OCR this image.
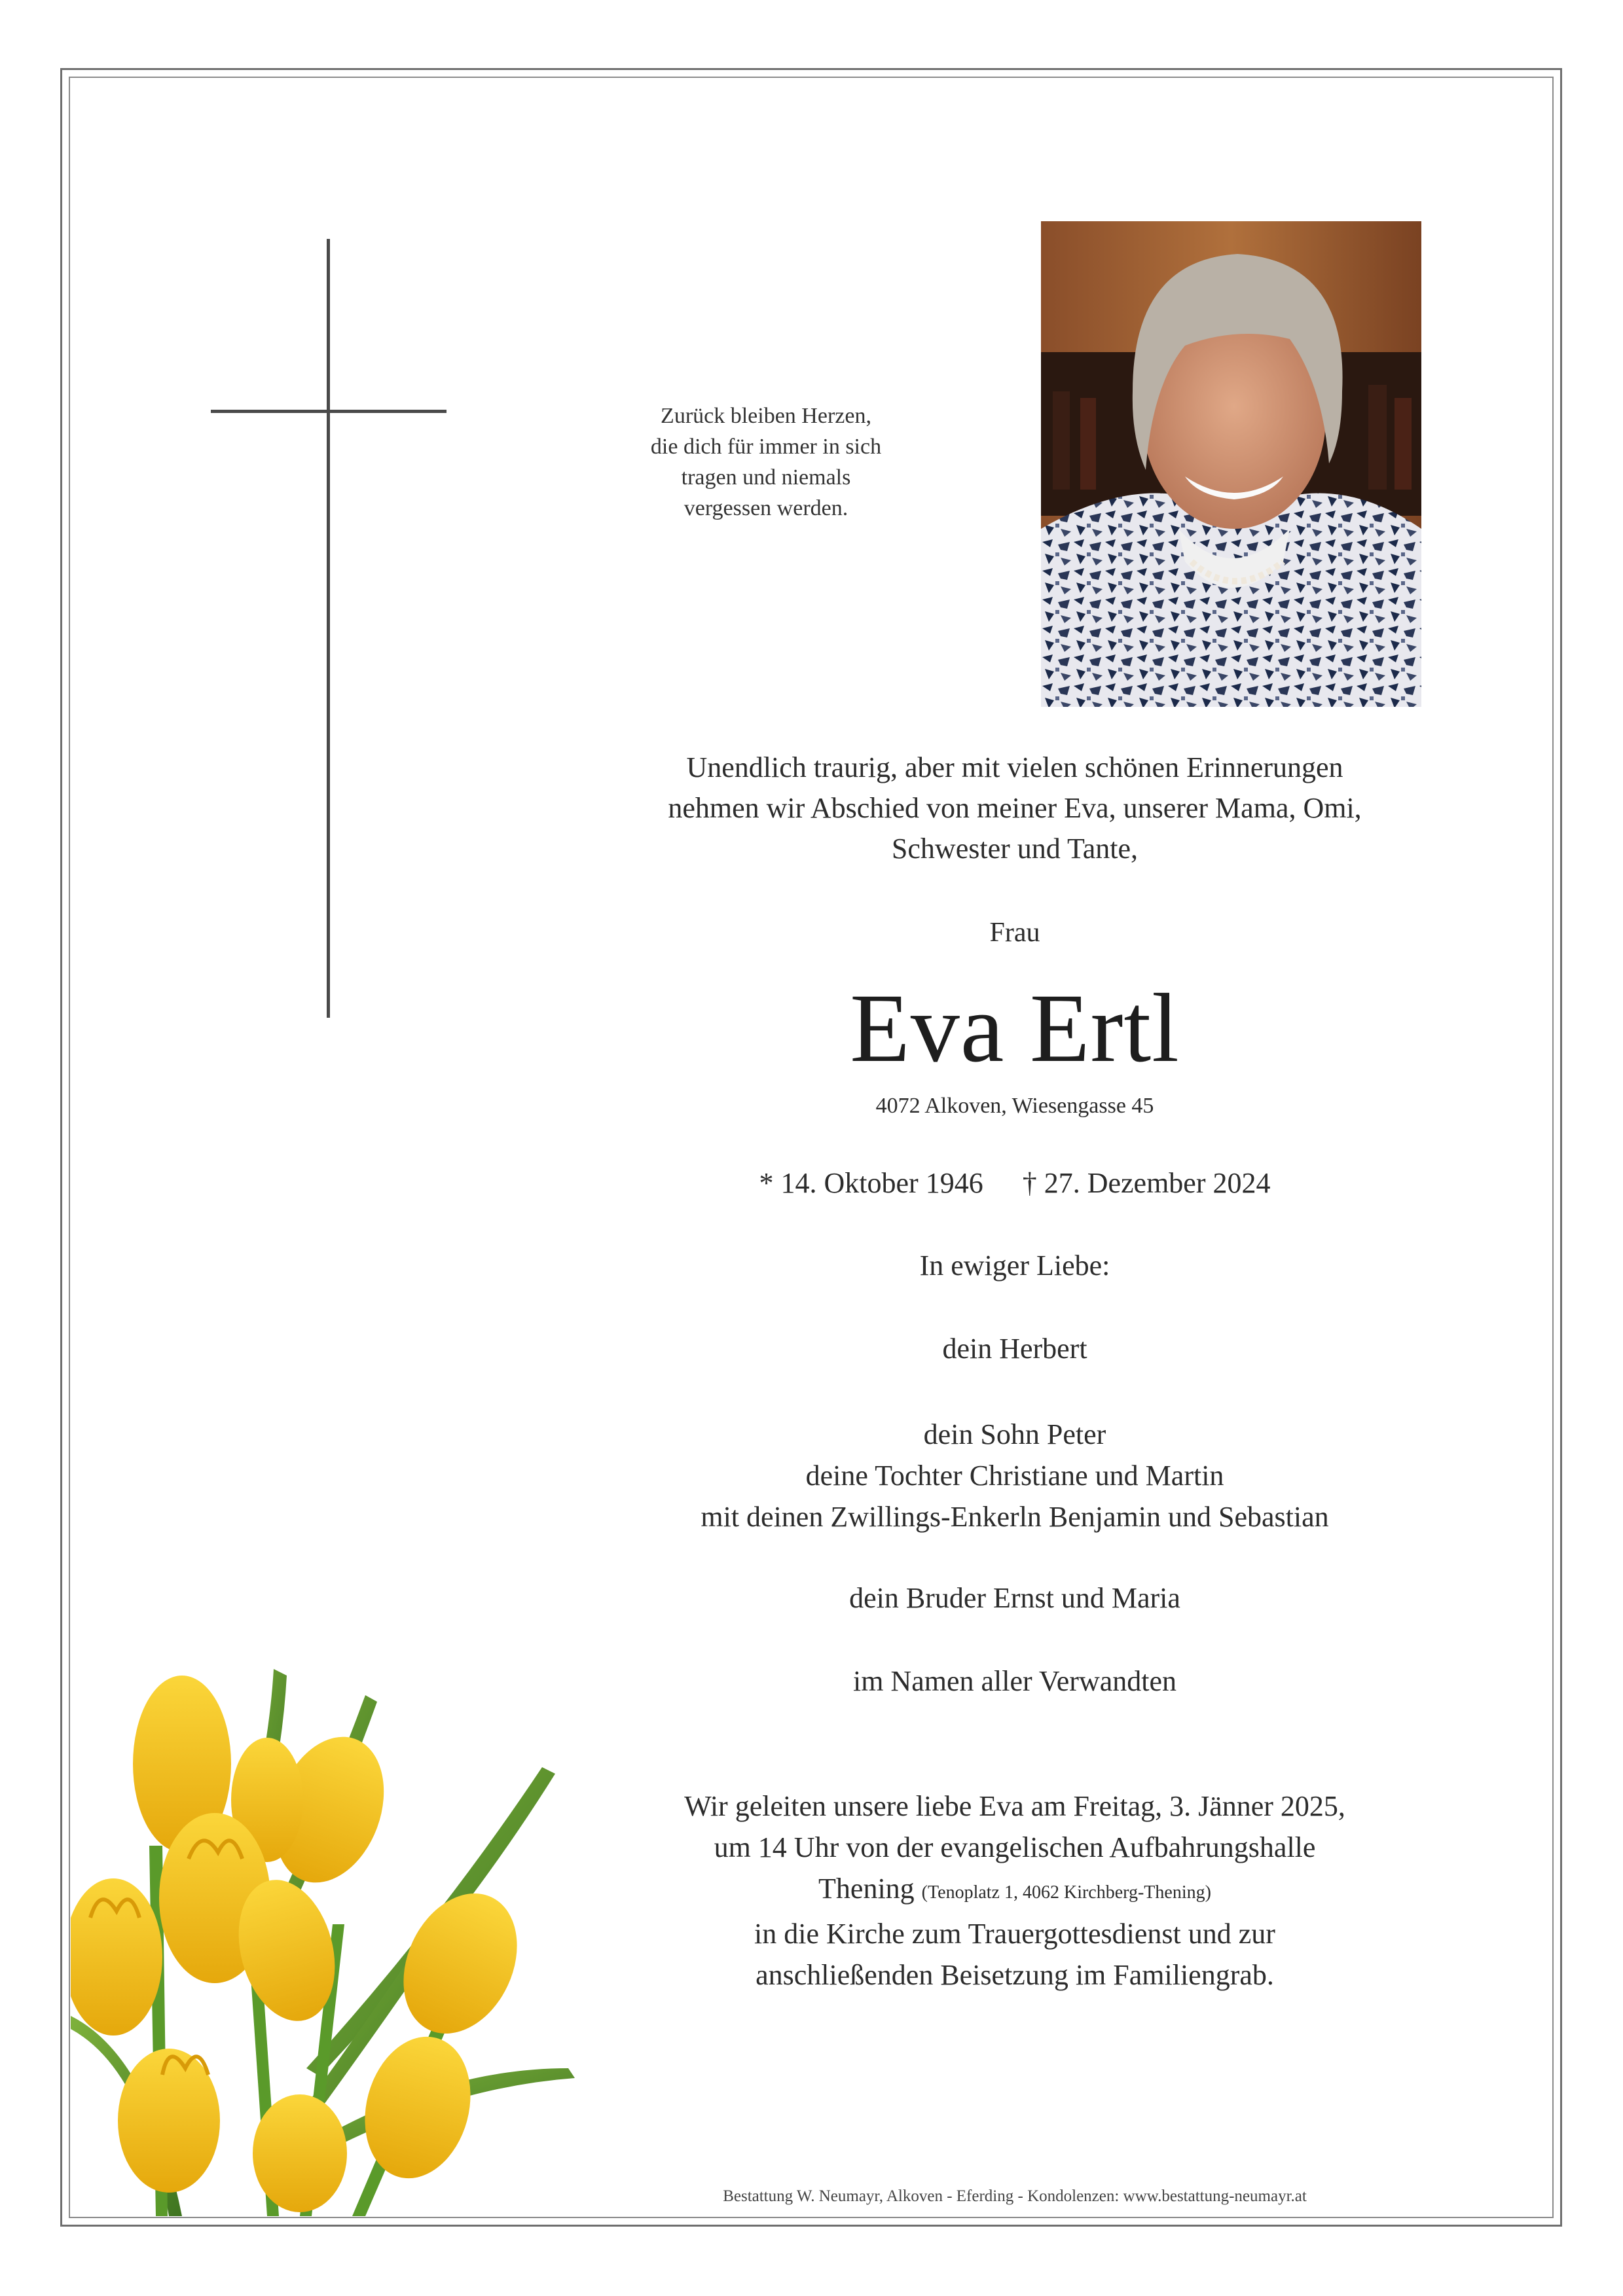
Zurück bleiben Herzen,
die dich für immer in sich
tragen und niemals
vergessen werden.
Unendlich traurig, aber mit vielen schönen Erinnerungen
nehmen wir Abschied von meiner Eva, unserer Mama, Omi,
Schwester und Tante,
Frau
Eva Ertl
4072 Alkoven, Wiesengasse 45
* 14. Oktober 1946 † 27. Dezember 2024
In ewiger Liebe:
dein Herbert
dein Sohn Peter
deine Tochter Christiane und Martin
mit deinen Zwillings-Enkerln Benjamin und Sebastian
dein Bruder Ernst und Maria
im Namen aller Verwandten
Wir geleiten unsere liebe Eva am Freitag, 3. Jänner 2025,
um 14 Uhr von der evangelischen Aufbahrungshalle
Thening (Tenoplatz 1, 4062 Kirchberg-Thening)
in die Kirche zum Trauergottesdienst und zur
anschließenden Beisetzung im Familiengrab.
Bestattung W. Neumayr, Alkoven - Eferding - Kondolenzen: www.bestattung-neumayr.at
